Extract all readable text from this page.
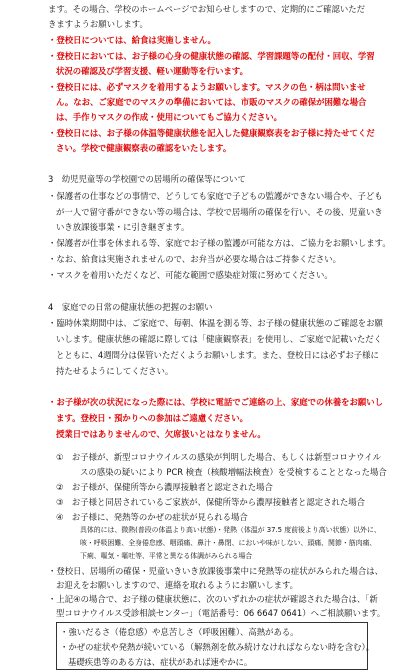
ます。その場合、学校のホームページでお知らせしますので、定期的にご確認いただ
きますようお願いします。
・登校日については、給食は実施しません。
・登校日においては、お子様の心身の健康状態の確認、学習課題等の配付・回収、学習
状況の確認及び学習支援、軽い運動等を行います。
・登校日には、必ずマスクを着用するようお願いします。マスクの色・柄は問いませ
ん。なお、ご家庭でのマスクの準備においては、市販のマスクの確保が困難な場合
は、手作りマスクの作成・使用についてもご協力ください。
・登校日には、お子様の体温等健康状態を記入した健康観察表をお子様に持たせてくだ
さい。学校で健康観察表の確認をいたします。
3　幼児児童等の学校園での居場所の確保等について
・保護者の仕事などの事情で、どうしても家庭で子どもの監護ができない場合や、子ども
が一人で留守番ができない等の場合は、学校で居場所の確保を行い、その後、児童いき
いき放課後事業・に引き継ぎます。
・保護者が仕事を休まれる等、家庭でお子様の監護が可能な方は、ご協力をお願いします。
・なお、給食は実施されませんので、お弁当が必要な場合はご持参ください。
・マスクを着用いただくなど、可能な範囲で感染症対策に努めてください。
4　家庭での日常の健康状態の把握のお願い
・臨時休業期間中は、ご家庭で、毎朝、体温を測る等、お子様の健康状態のご確認をお願
いします。健康状態の確認に際しては「健康観察表」を使用し、ご家庭で記載いただく
とともに、4週間分は保管いただくようお願いします。また、登校日には必ずお子様に
持たせるようにしてください。
・お子様が次の状況になった際には、学校に電話でご連絡の上、家庭での休養をお願いし
ます。登校日・預かりへの参加はご遠慮ください。
授業日ではありませんので、欠席扱いとはなりません。
①　お子様が、新型コロナウイルスの感染が判明した場合、もしくは新型コロナウイル
スの感染の疑いにより PCR 検査（核酸増幅法検査）を受検することとなった場合
②　お子様が、保健所等から濃厚接触者と認定された場合
③　お子様と同居されているご家族が、保健所等から濃厚接触者と認定された場合
④　お子様に、発熱等のかぜの症状が見られる場合
具体的には、微熱(普段の体温より高い状態)・発熱（体温が 37.5 度前後より高い状態）以外に、
咳・呼吸困難、全身倦怠感、咽頭痛、鼻汁・鼻閉、においや味がしない、頭痛、関節・筋肉痛、
下痢、嘔気・嘔吐等、平常と異なる体調がみられる場合
・登校日、居場所の確保・児童いきいき放課後事業中に発熱等の症状がみられた場合は、
お迎えをお願いしますので、連絡を取れるようにお願いします。
・上記④の場合で、お子様の健康状態に、次のいずれかの症状が確認された場合は、「新
型コロナウイルス受診相談センター」（電話番号：06 6647 0641）へご相談願います。
・強いだるさ（倦怠感）や息苦しさ（呼吸困難）、高熱がある。
・かぜの症状や発熱が続いている（解熱剤を飲み続けなければならない時を含む）。
基礎疾患等のある方は、症状があれば速やかに。
